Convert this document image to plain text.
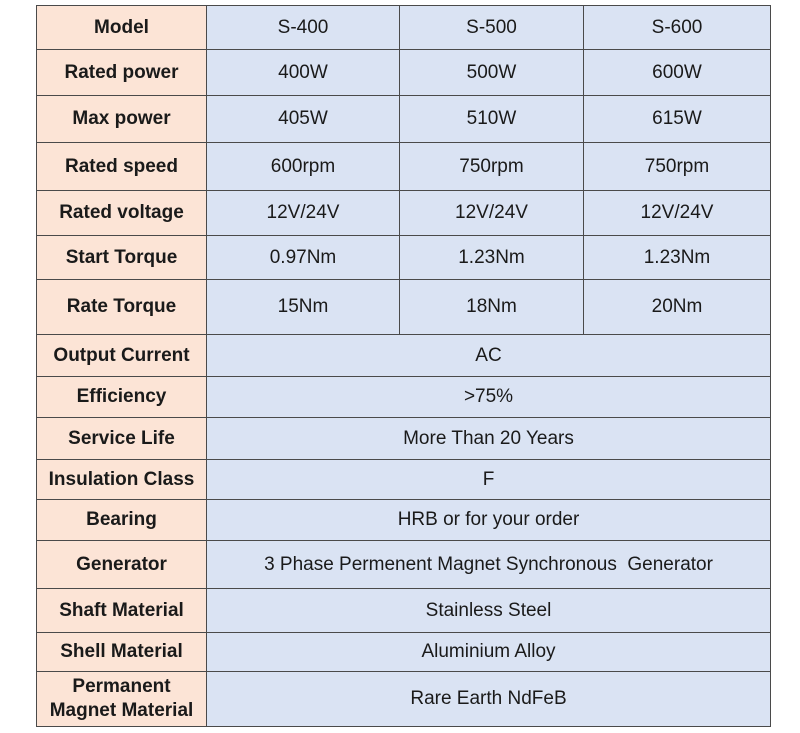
Model	S-400	S-500	S-600
Rated power	400W	500W	600W
Max power	405W	510W	615W
Rated speed	600rpm	750rpm	750rpm
Rated voltage	12V/24V	12V/24V	12V/24V
Start Torque	0.97Nm	1.23Nm	1.23Nm
Rate Torque	15Nm	18Nm	20Nm
Output Current	AC		
Efficiency	>75%		
Service Life	More Than 20 Years		
Insulation Class	F		
Bearing	HRB or for your order		
Generator	3 Phase Permenent Magnet Synchronous  Generator		
Shaft Material	Stainless Steel		
Shell Material	Aluminium Alloy		

Permanent
Magnet Material	Rare Earth NdFeB		
